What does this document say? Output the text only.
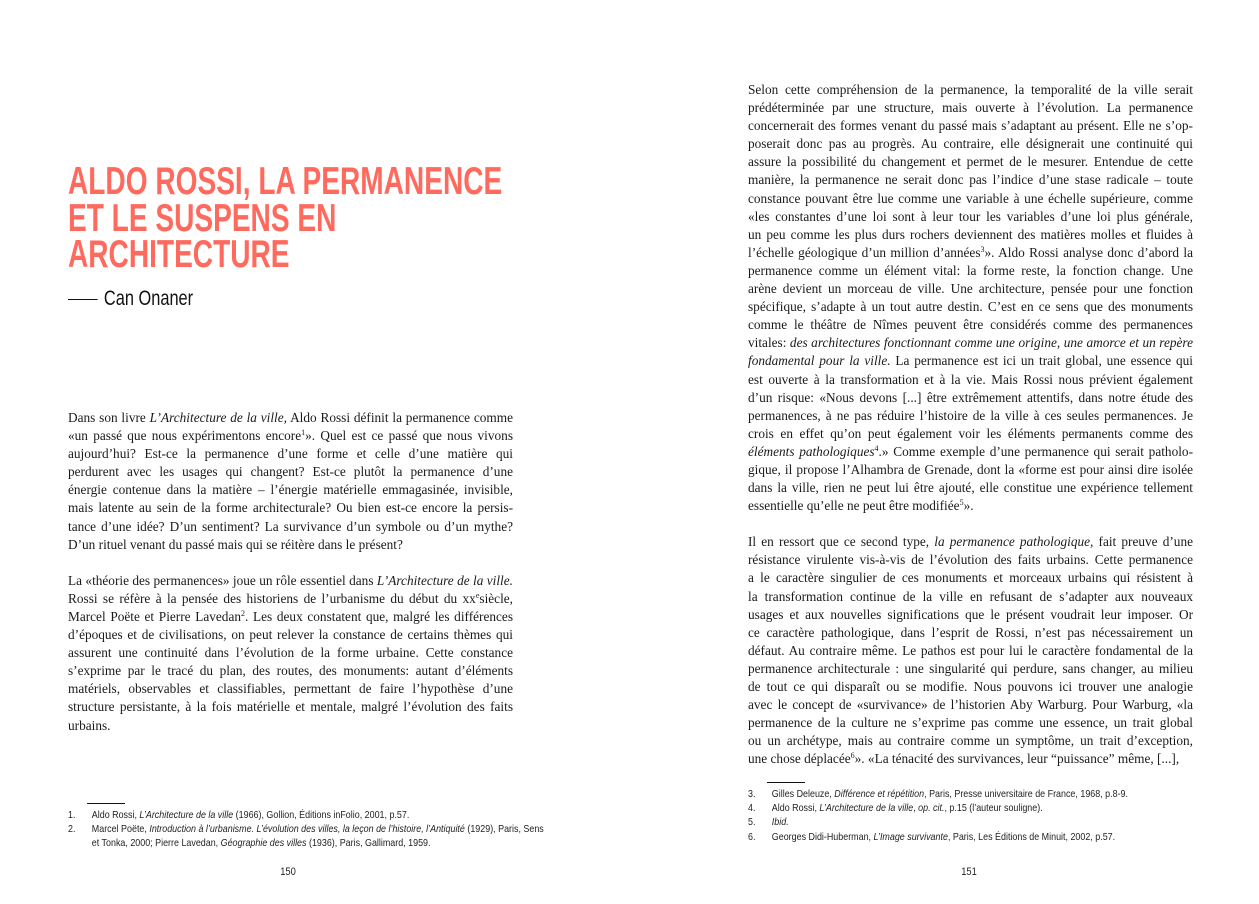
ALDO ROSSI, LA PERMANENCE
ET LE SUSPENS EN
ARCHITECTURE
Can Onaner
Dans son livre L’Architecture de la ville, Aldo Rossi définit la permanence comme
«un passé que nous expérimentons encore$^1$». Quel est ce passé que nous vivons
aujourd’hui? Est-ce la permanence d’une forme et celle d’une matière qui
perdurent avec les usages qui changent? Est-ce plutôt la permanence d’une
énergie contenue dans la matière – l’énergie matérielle emmagasinée, invisible,
mais latente au sein de la forme architecturale? Ou bien est-ce encore la persis-
tance d’une idée? D’un sentiment? La survivance d’un symbole ou d’un mythe?
D’un rituel venant du passé mais qui se réitère dans le présent?
La «théorie des permanences» joue un rôle essentiel dans L’Architecture de la ville.
Rossi se réfère à la pensée des historiens de l’urbanisme du début du $xx^esiècle$,
Marcel Poëte et Pierre Lavedan$^2$. Les deux constatent que, malgré les différences
d’époques et de civilisations, on peut relever la constance de certains thèmes qui
assurent une continuité dans l’évolution de la forme urbaine. Cette constance
s’exprime par le tracé du plan, des routes, des monuments: autant d’éléments
matériels, observables et classifiables, permettant de faire l’hypothèse d’une
structure persistante, à la fois matérielle et mentale, malgré l’évolution des faits
urbains.
1.	Aldo Rossi, L’Architecture de la ville (1966), Gollion, Éditions inFolio, 2001, p.57.
2.	Marcel Poëte, Introduction à l’urbanisme. L’évolution des villes, la leçon de l’histoire, l’Antiquité (1929), Paris, Sens et Tonka, 2000; Pierre Lavedan, Géographie des villes (1936), Paris, Gallimard, 1959.
150
Selon cette compréhension de la permanence, la temporalité de la ville serait
prédéterminée par une structure, mais ouverte à l’évolution. La permanence
concernerait des formes venant du passé mais s’adaptant au présent. Elle ne s’op-
poserait donc pas au progrès. Au contraire, elle désignerait une continuité qui
assure la possibilité du changement et permet de le mesurer. Entendue de cette
manière, la permanence ne serait donc pas l’indice d’une stase radicale – toute
constance pouvant être lue comme une variable à une échelle supérieure, comme
«les constantes d’une loi sont à leur tour les variables d’une loi plus générale,
un peu comme les plus durs rochers deviennent des matières molles et fluides à
l’échelle géologique d’un million d’années$^3$». Aldo Rossi analyse donc d’abord la
permanence comme un élément vital: la forme reste, la fonction change. Une
arène devient un morceau de ville. Une architecture, pensée pour une fonction
spécifique, s’adapte à un tout autre destin. C’est en ce sens que des monuments
comme le théâtre de Nîmes peuvent être considérés comme des permanences
vitales: des architectures fonctionnant comme une origine, une amorce et un repère
fondamental pour la ville. La permanence est ici un trait global, une essence qui
est ouverte à la transformation et à la vie. Mais Rossi nous prévient également
d’un risque: «Nous devons [...] être extrêmement attentifs, dans notre étude des
permanences, à ne pas réduire l’histoire de la ville à ces seules permanences. Je
crois en effet qu’on peut également voir les éléments permanents comme des
éléments pathologiques$^4$.» Comme exemple d’une permanence qui serait patholo-
gique, il propose l’Alhambra de Grenade, dont la «forme est pour ainsi dire isolée
dans la ville, rien ne peut lui être ajouté, elle constitue une expérience tellement
essentielle qu’elle ne peut être modifiée$^5$».
Il en ressort que ce second type, la permanence pathologique, fait preuve d’une
résistance virulente vis-à-vis de l’évolution des faits urbains. Cette permanence
a le caractère singulier de ces monuments et morceaux urbains qui résistent à
la transformation continue de la ville en refusant de s’adapter aux nouveaux
usages et aux nouvelles significations que le présent voudrait leur imposer. Or
ce caractère pathologique, dans l’esprit de Rossi, n’est pas nécessairement un
défaut. Au contraire même. Le pathos est pour lui le caractère fondamental de la
permanence architecturale : une singularité qui perdure, sans changer, au milieu
de tout ce qui disparaît ou se modifie. Nous pouvons ici trouver une analogie
avec le concept de «survivance» de l’historien Aby Warburg. Pour Warburg, «la
permanence de la culture ne s’exprime pas comme une essence, un trait global
ou un archétype, mais au contraire comme un symptôme, un trait d’exception,
une chose déplacée$^6$». «La ténacité des survivances, leur “puissance” même, [...],
3.	Gilles Deleuze, Différence et répétition, Paris, Presse universitaire de France, 1968, p.8-9.
4.	Aldo Rossi, L’Architecture de la ville, op. cit., p.15 (l’auteur souligne).
5.	Ibid.
6.	Georges Didi-Huberman, L’Image survivante, Paris, Les Éditions de Minuit, 2002, p.57.
151
